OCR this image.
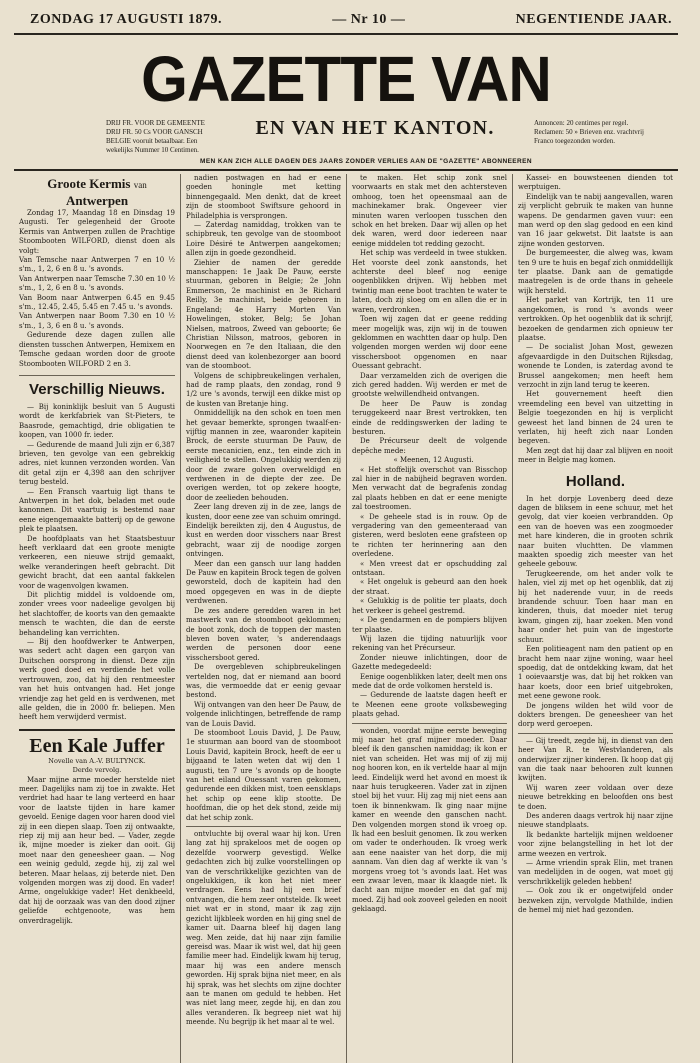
ZONDAG 17 AUGUSTI 1879.	— Nr 10 —	NEGENTIENDE JAAR.
GAZETTE VAN
DRIJ FR. VOOR DE GEMEENTE DRIJ FR. 50 Cs VOOR GANSCH BELGIE vooruit betaalbaar. Een wekelijks Nummer 10 Centimen.
EN VAN HET KANTON.	Annoncen: 20 centimes per regel. Reclamen: 50 » Brieven enz. vrachtvrij Franco toegezonden worden.
MEN KAN ZICH ALLE DAGEN DES JAARS ZONDER VERLIES AAN DE "GAZETTE" ABONNEEREN
Groote Kermis van Antwerpen

Zondag 17, Maandag 18 en Dinsdag 19 Augusti. Ter gelegenheid der Groote Kermis van Antwerpen zullen de Prachtige Stoombooten WILFORD, dienst doen als volgt:

Van Temsche naar Antwerpen 7 en 10 ½ s'm., 1, 2, 6 en 8 u. 's avonds.

Van Antwerpen naar Temsche 7.30 en 10 ½ s'm., 1, 2, 6 en 8 u. 's avonds.

Van Boom naar Antwerpen 6.45 en 9.45 s'm., 12.45, 2.45, 5.45 en 7.45 u. 's avonds.

Van Antwerpen naar Boom 7.30 en 10 ½ s'm., 1, 3, 6 en 8 u. 's avonds.

Gedurende deze dagen zullen alle diensten tusschen Antwerpen, Hemixem en Temsche gedaan worden door de groote Stoombooten WILFORD 2 en 3.

Verschillig Nieuws.

— Bij koninklijk besluit van 5 Augusti wordt de kerkfabriek van St-Pieters, te Baasrode, gemachtigd, drie obligatien te koopen, van 1000 fr. ieder.

— Gedurende de maand Juli zijn er 6,387 brieven, ten gevolge van een gebrekkig adres, niet kunnen verzonden worden. Van dit getal zijn er 4,398 aan den schrijver terug besteld.

— Een Fransch vaartuig ligt thans te Antwerpen in het dok, beladen met oude kanonnen. Dit vaartuig is bestemd naar eene eigengemaakte batterij op de gewone plek te plaatsen.

De hoofdplaats van het Staatsbestuur heeft verklaard dat een groote menigte verkeeren, een nieuwe strijd gemaakt, welke veranderingen heeft gebracht. Dit gewicht bracht, dat een aantal fakkelen voor de wagenvolgen kwamen.

Dit plichtig middel is voldoende om, zonder vrees voor nadeelige gevolgen bij het slachtoffer, de koorts van den gemaakte mensch te wachten, die dan de eerste behandeling kan verrichten.

— Bij den hoofdwerker te Antwerpen, was sedert acht dagen een garçon van Duitschen oorsprong in dienst. Deze zijn werk goed doed en verdiende het volle vertrouwen, zoo, dat hij den rentmeester van het huis ontvangen had. Het jonge vriendje zag het geld en is verdwenen, met alle gelden, die in 2000 fr. beliepen. Men heeft hem verwijderd vermist.

Een Kale Juffer
Novelle van A.-V. BULTYNCK.
Derde vervolg.

Maar mijne arme moeder herstelde niet meer. Dagelijks nam zij toe in zwakte. Het verdriet had haar te lang verteerd en haar voor de laatste tijden in hare kamer gevoeld. Eenige dagen voor haren dood viel zij in een diepen slaap. Toen zij ontwaakte, riep zij mij aan heur bed. — Vader, zegde ik, mijne moeder is zieker dan ooit. Gij moet naar den geneesheer gaan. — Nog een weinig geduld, zegde hij, zij zal wel beteren. Maar helaas, zij beterde niet. Den volgenden morgen was zij dood. En vader! Arme, ongelukkige vader! Het denkbeeld, dat hij de oorzaak was van den dood zijner geliefde echtgenoote, was hem onverdragelijk.

nadien postwagen en had er eene goeden honingle met ketting binnengegaald. Men denkt, dat de kreet zijn de stoomboot Swiftsure gehoord in Philadelphia is versprongen.

— Zaterdag namiddag, trokken van te schipbreuk, ten gevolge van de stoomboot Loire Désiré te Antwerpen aangekomen; allen zijn in goede gezondheid.

Ziehier de namen der geredde manschappen: 1e Jaak De Pauw, eerste stuurman, geboren in Belgie; 2e John Emmerson, 2e machinist en 3e Richard Reilly, 3e machinist, beide geboren in Engeland; 4e Harry Morten Van Howelingen, stoker, Belg; 5e Johan Nielsen, matroos, Zweed van geboorte; 6e Christian Nilsson, matroos, geboren in Noorwegen en 7e den Italiaan, die den dienst deed van kolenbezorger aan boord van de stoomboot.

Volgens de schipbreukelingen verhalen, had de ramp plaats, den zondag, rond 9 1/2 ure 's avonds, terwijl een dikke mist op de kusten van Bretanje hing.

Onmiddellijk na den schok en toen men het gevaar bemerkte, sprongen twaalf-en-vijftig mannen in zee, waaronder kapitein Brock, de eerste stuurman De Pauw, de eerste mecanicien, enz., ten einde zich in veiligheid te stellen. Ongelukkig werden zij door de zware golven overweldigd en verdwenen in de diepte der zee. De overigen werden, tot op zekere hoogte, door de zeelieden behouden.

Zeer lang dreven zij in de zee, langs de kusten, door eene zee van schuim omringd. Eindelijk bereikten zij, den 4 Augustus, de kust en werden door visschers naar Brest gebracht, waar zij de noodige zorgen ontvingen.

Meer dan een gansch uur lang hadden De Pauw en kapitein Brock tegen de golven geworsteld, doch de kapitein had den moed opgegeven en was in de diepte verdwenen.

De zes andere geredden waren in het mastwerk van de stoomboot geklommen; de boot zonk, doch de toppen der masten bleven boven water, 's anderendaags werden de personen door eene visschersboot gered.

De overgebleven schipbreukelingen vertelden nog, dat er niemand aan boord was, die vermoedde dat er eenig gevaar bestond.

Wij ontvangen van den heer De Pauw, de volgende inlichtingen, betreffende de ramp van de Louis David.

De stoomboot Louis David, J. De Pauw, 1e stuurman aan boord van de stoomboot Louis David, kapitein Brock, heeft de eer u bijgaand te laten weten dat wij den 1 augusti, ten 7 ure 's avonds op de hoogte van het eiland Ouessant varen gekomen, gedurende een dikken mist, toen eensklaps het schip op eene klip stootte. De hoofdman, die op het dek stond, zeide mij dat het schip zonk.

ontvluchte bij overal waar hij kon. Uren lang zat hij sprakeloos met de oogen op dezelfde voorwerp gevestigd. Welke gedachten zich bij zulke voorstellingen op van de verschrikkelijke gezichten van de ongelukkigen, ik kon het niet meer verdragen. Eens had hij een brief ontvangen, die hem zeer ontstelde. Ik weet niet wat er in stond, maar ik zag zijn gezicht lijkbleek worden en hij ging snel de kamer uit. Daarna bleef hij dagen lang weg. Men zeide, dat hij naar zijn familie gereisd was. Maar ik wist wel, dat hij geen familie meer had. Eindelijk kwam hij terug, maar hij was een andere mensch geworden. Hij sprak bijna niet meer, en als hij sprak, was het slechts om zijne dochter aan te manen om geduld te hebben. Het was niet lang meer, zegde hij, en dan zou alles veranderen. Ik begreep niet wat hij meende. Nu begrijp ik het maar al te wel.

te maken. Het schip zonk snel voorwaarts en stak met den achtersteven omhoog, toen het opeensmaal aan de machinekamer brak. Ongeveer vier minuten waren verloopen tusschen den schok en het breken. Daar wij allen op het dek waren, werd door iedereen naar eenige middelen tot redding gezocht.

Het schip was verdeeld in twee stukken. Het voorste deel zonk aanstonds, het achterste deel bleef nog eenige oogenblikken drijven. Wij hebben met twintig man eene boot trachten te water te laten, doch zij sloeg om en allen die er in waren, verdronken.

Toen wij zagen dat er geene redding meer mogelijk was, zijn wij in de touwen geklommen en wachtten daar op hulp. Den volgenden morgen werden wij door eene visschersboot opgenomen en naar Ouessant gebracht.

Daar verzamelden zich de overigen die zich gered hadden. Wij werden er met de grootste welwillendheid ontvangen.

De heer De Pauw is zondag teruggekeerd naar Brest vertrokken, ten einde de reddingswerken der lading te besturen.

De Précurseur deelt de volgende depêche mede:

« Meenen, 12 Augusti.

« Het stoffelijk overschot van Bisschop zal hier in de nabijheid begraven worden. Men verwacht dat de begrafenis zondag zal plaats hebben en dat er eene menigte zal toestroomen.

« De geheele stad is in rouw. Op de vergadering van den gemeenteraad van gisteren, werd besloten eene grafsteen op te richten ter herinnering aan den overledene.

« Men vreest dat er opschudding zal ontstaan.

« Het ongeluk is gebeurd aan den hoek der straat.

« Gelukkig is de politie ter plaats, doch het verkeer is geheel gestremd.

« De gendarmen en de pompiers blijven ter plaatse.

Wij lazen die tijding natuurlijk voor rekening van het Précurseur.

Zonder nieuwe inlichtingen, door de Gazette medegedeeld:

Eenige oogenblikken later, deelt men ons mede dat de orde volkomen hersteld is.

— Gedurende de laatste dagen heeft er te Meenen eene groote volksbeweging plaats gehad.

wonden, voordat mijne eerste beweging mij naar het graf mijner moeder. Daar bleef ik den ganschen namiddag; ik kon er niet van scheiden. Het was mij of zij mij nog hooren kon, en ik vertelde haar al mijn leed. Eindelijk werd het avond en moest ik naar huis terugkeeren. Vader zat in zijnen stoel bij het vuur. Hij zag mij niet eens aan toen ik binnenkwam. Ik ging naar mijne kamer en weende den ganschen nacht. Den volgenden morgen stond ik vroeg op. Ik had een besluit genomen. Ik zou werken om vader te onderhouden. Ik vroeg werk aan eene naaister van het dorp, die mij aannam. Van dien dag af werkte ik van 's morgens vroeg tot 's avonds laat. Het was een zwaar leven, maar ik klaagde niet. Ik dacht aan mijne moeder en dat gaf mij moed. Zij had ook zooveel geleden en nooit geklaagd.

Kassei- en bouwsteenen dienden tot werptuigen.

Eindelijk van te nabij aangevallen, waren zij verplicht gebruik te maken van hunne wapens. De gendarmen gaven vuur: een man werd op den slag gedood en een kind van 16 jaar gekwetst. Dit laatste is aan zijne wonden gestorven.

De burgemeester, die alweg was, kwam ten 9 ure te huis en begaf zich onmiddellijk ter plaatse. Dank aan de gematigde maatregelen is de orde thans in geheele wijk hersteld.

Het parket van Kortrijk, ten 11 ure aangekomen, is rond 's avonds weer vertrokken. Op het oogenblik dat ik schrijf, bezoeken de gendarmen zich opnieuw ter plaatse.

— De socialist Johan Most, gewezen afgevaardigde in den Duitschen Rijksdag, wonende te Londen, is zaterdag avond te Brussel aangekomen; men heeft hem verzocht in zijn land terug te keeren.

Het gouvernement heeft dien vreemdeling een bevel van uitzetting in Belgie toegezonden en hij is verplicht geweest het land binnen de 24 uren te verlaten, hij heeft zich naar Londen begeven.

Men zegt dat hij daar zal blijven en nooit meer in Belgie mag komen.

Holland.

In het dorpje Lovenberg deed deze dagen de bliksem in eene schuur, met het gevolg, dat vier koeien verbrandden. Op een van de hoeven was een zoogmoeder met hare kinderen, die in grooten schrik naar buiten vluchtten. De vlammen maakten spoedig zich meester van het geheele gebouw.

Terugkeerende, om het ander volk te halen, viel zij met op het ogenblik, dat zij bij het naderende vuur, in de reeds brandende schuur. Toen haar man en kinderen, thuis, dat moeder niet terug kwam, gingen zij, haar zoeken. Men vond haar onder het puin van de ingestorte schuur.

Een politieagent nam den patient op en bracht hem naar zijne woning, waar heel spoedig, dat de ontdekking kwam, dat het 1 ooievaarstje was, dat bij het rokken van haar koets, door een brief uitgebroken, met eene gewone rook.

De jongens wilden het wild voor de dokters brengen. De geneesheer van het dorp werd geroepen.

— Gij treedt, zegde hij, in dienst van den heer Van R. te Westvlanderen, als onderwijzer zijner kinderen. Ik hoop dat gij van die taak naar behooren zult kunnen kwijten.

Wij waren zeer voldaan over deze nieuwe betrekking en beloofden ons best te doen.

Des anderen daags vertrok hij naar zijne nieuwe standplaats.

Ik bedankte hartelijk mijnen weldoener voor zijne belangstelling in het lot der arme weezen en vertrok.

— Arme vriendin sprak Elin, met tranen van medelijden in de oogen, wat moet gij verschrikkelijk geleden hebben!

— Ook zou ik er ongetwijfeld onder bezweken zijn, vervolgde Mathilde, indien de hemel mij niet had gezonden.
